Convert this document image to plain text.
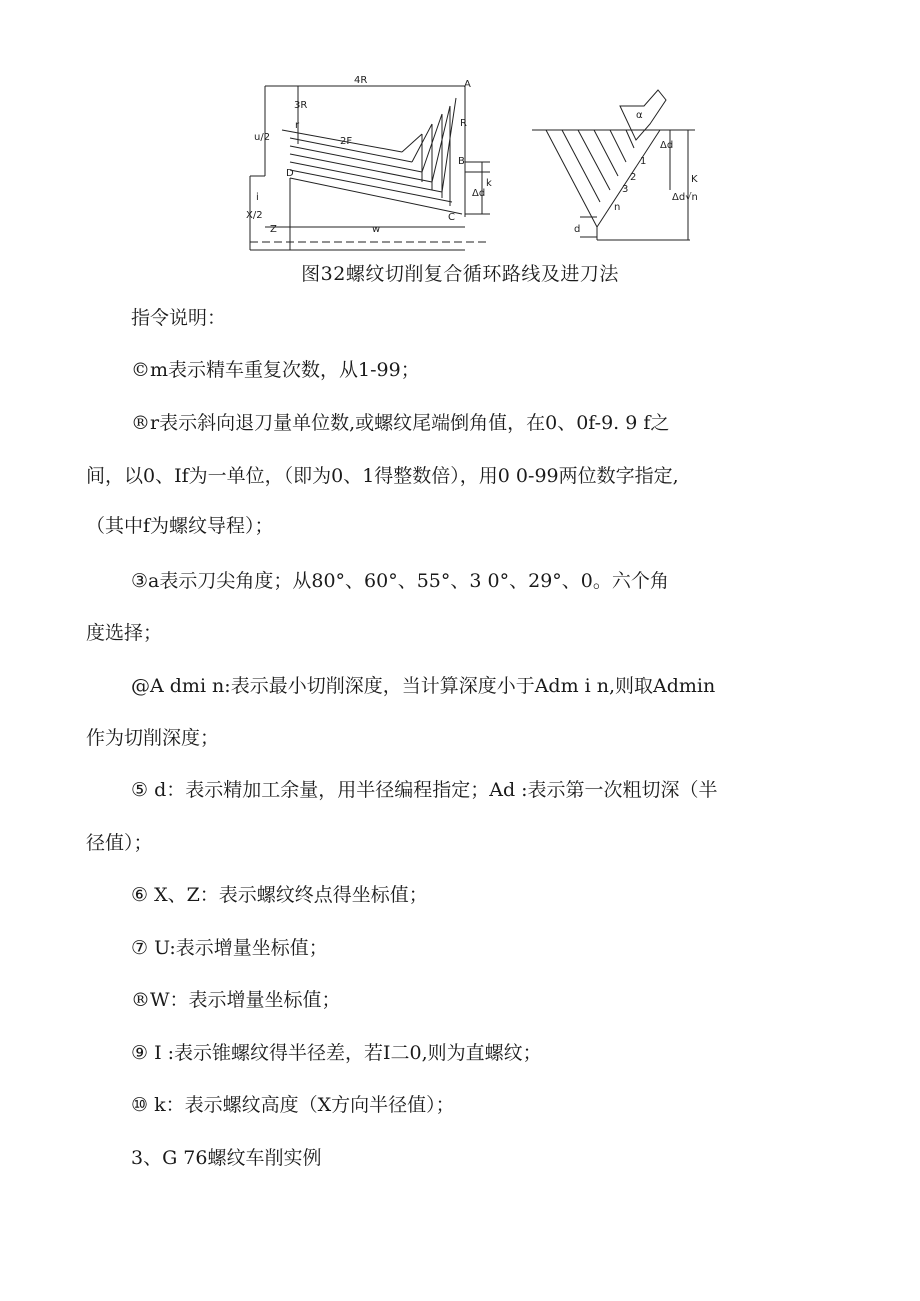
4R
3R
r
2F
R
A
B
C
D
u/2
X/2
i	Δd
k
Z	w
α
Δd
1
2
3
n
d
Δd√n
K
图32螺纹切削复合循环路线及进刀法
指令说明：
©m表示精车重复次数，从1-99；
®r表示斜向退刀量单位数,或螺纹尾端倒角值，在0、0f-9. 9 f之
间，以0、If为一单位，（即为0、1得整数倍），用0 0-99两位数字指定,
（其中f为螺纹导程）；
③a表示刀尖角度；从80°、60°、55°、3 0°、29°、0。六个角
度选择；
@A dmi n:表示最小切削深度，当计算深度小于Adm i n,则取Admin
作为切削深度；
⑤ d：表示精加工余量，用半径编程指定；Ad :表示第一次粗切深（半
径值）；
⑥ X、Z：表示螺纹终点得坐标值；
⑦ U:表示增量坐标值；
®W：表示增量坐标值；
⑨ I :表示锥螺纹得半径差，若I二0,则为直螺纹；
⑩ k：表示螺纹高度（X方向半径值）；
3、G 76螺纹车削实例
